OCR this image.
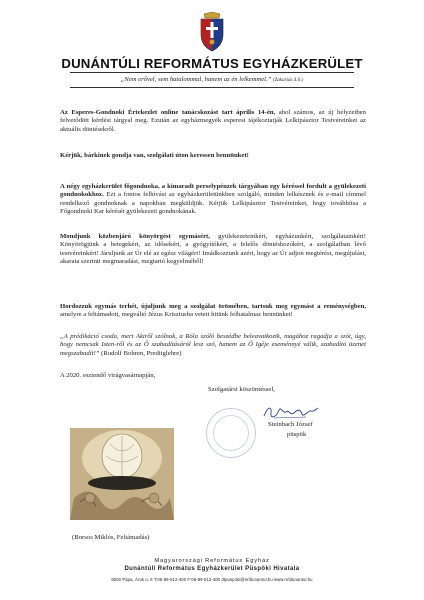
DUNÁNTÚLI REFORMÁTUS EGYHÁZKERÜLET
„Nem erővel, sem hatalommal, hanem az én lelkemmel.” (Zakariás 4:6.)

Az Esperes-Gondnoki Értekezlet online tanácskozást tart április 14-én, ahol számos, az új helyzetben felvetődött kérdést tárgyal meg. Ezután az egyházmegyék esperesi tájékoztatják Lelkipásztor Testvéreinket az aktuális döntésekről.

Kérjük, bárkinek gondja van, szolgálati úton keressen bennünket!

A négy egyházkerület főgondnoka, a kimaradt perselypénzek tárgyában egy kéréssel fordult a gyülekezeti gondnokokhoz. Ezt a fontos felhívást az egyházkerületünkben szolgáló, minden lelkésznek és e-mail címmel rendelkező gondnoknak a napokban megküldjük. Kérjük Lelkipásztor Testvéreinket, hogy továbbítsa a Főgondnoki Kar kérését gyülekezeti gondnokának.

Mondjunk közbenjáró könyörgést egymásért, gyülekezeteinkért, egyházunkért, szolgálatainkért! Könyörögjünk a betegekért, az idősekért, a gyógyítókért, a felelős döntéshozókért, a szolgálatban lévő testvéreinkért! Járuljunk az Úr elé az egész világért! Imádkozzunk azért, hogy az Úr adjon megtérést, megújulást, akarata szerinti megmaradást, megtartó kegyelméből!

Hordozzuk egymás terhét, újuljunk meg a szolgálat örömében, tartsuk meg egymást a reménységben, amelyre a feltámadott, megváltó Jézus Krisztusba vetett hitünk felhatalmaz bennünket!

„A prédikáció csoda, mert Akiről szólnak, a Róla szóló beszédbe beleavatkozik, magához ragadja a szót, úgy, hogy nemcsak Isten-ről és az Ő szabadításáról lesz szó, hanem az Ő Igéje eseménnyé válik, szabadító üzenet megszabadít!” (Rudolf Bohren, Preditglehre)

A 2020. esztendő virágvasárnapján,
Szolgatársi köszöntéssel,
Steinbach József
püspök
(Borsos Miklós, Feltámadás)
Magyarországi Református Egyház
Dunántúli Református Egyházkerület Püspöki Hivatala
8500 Pápa, Árok u. 6 T:06-89-512-400 F:06-89-512-400 dtpuspoki@refdunantul.hu www.refdunantul.hu
